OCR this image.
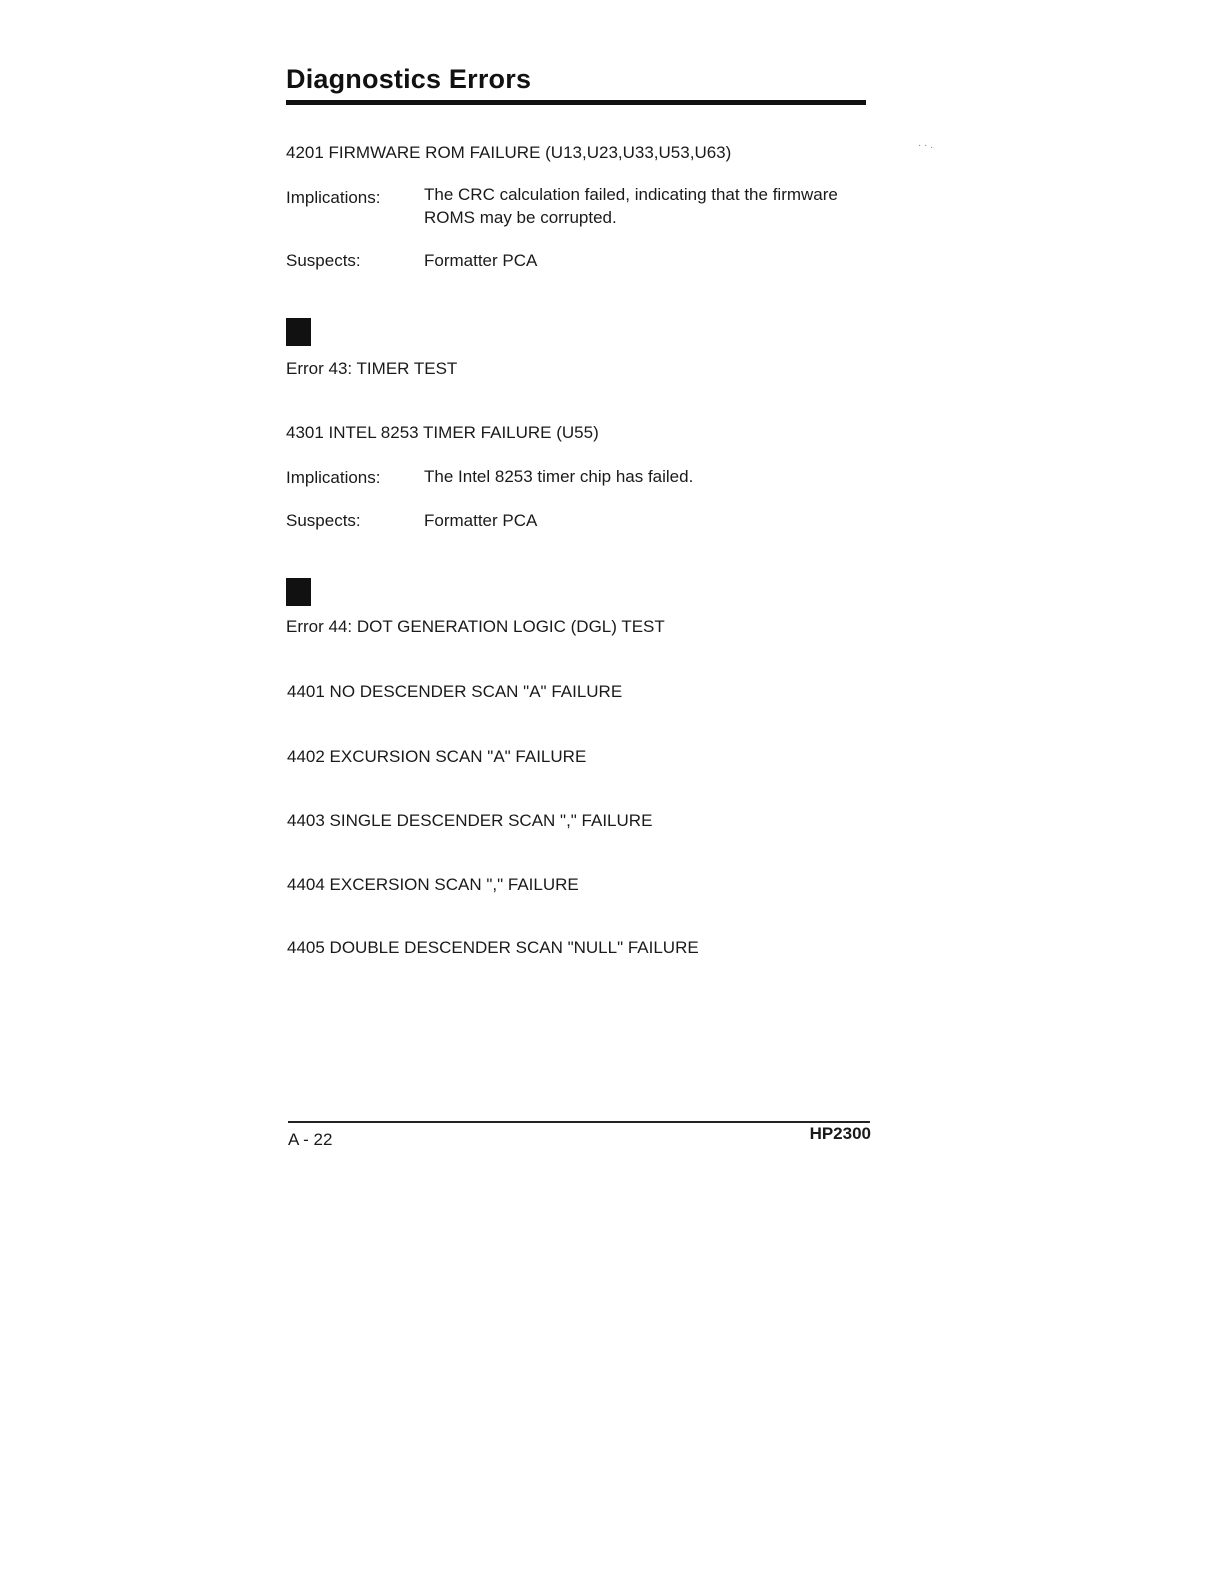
Diagnostics Errors
· · .
4201 FIRMWARE ROM FAILURE (U13,U23,U33,U53,U63)
Implications:	The CRC calculation failed, indicating that the firmware
ROMS may be corrupted.
Suspects:	Formatter PCA
Error 43: TIMER TEST
4301 INTEL 8253 TIMER FAILURE (U55)
Implications:	The Intel 8253 timer chip has failed.
Suspects:	Formatter PCA
Error 44: DOT GENERATION LOGIC (DGL) TEST
4401 NO DESCENDER SCAN "A" FAILURE
4402 EXCURSION SCAN "A" FAILURE
4403 SINGLE DESCENDER SCAN "," FAILURE
4404 EXCERSION SCAN "," FAILURE
4405 DOUBLE DESCENDER SCAN "NULL" FAILURE
A - 22	HP2300
